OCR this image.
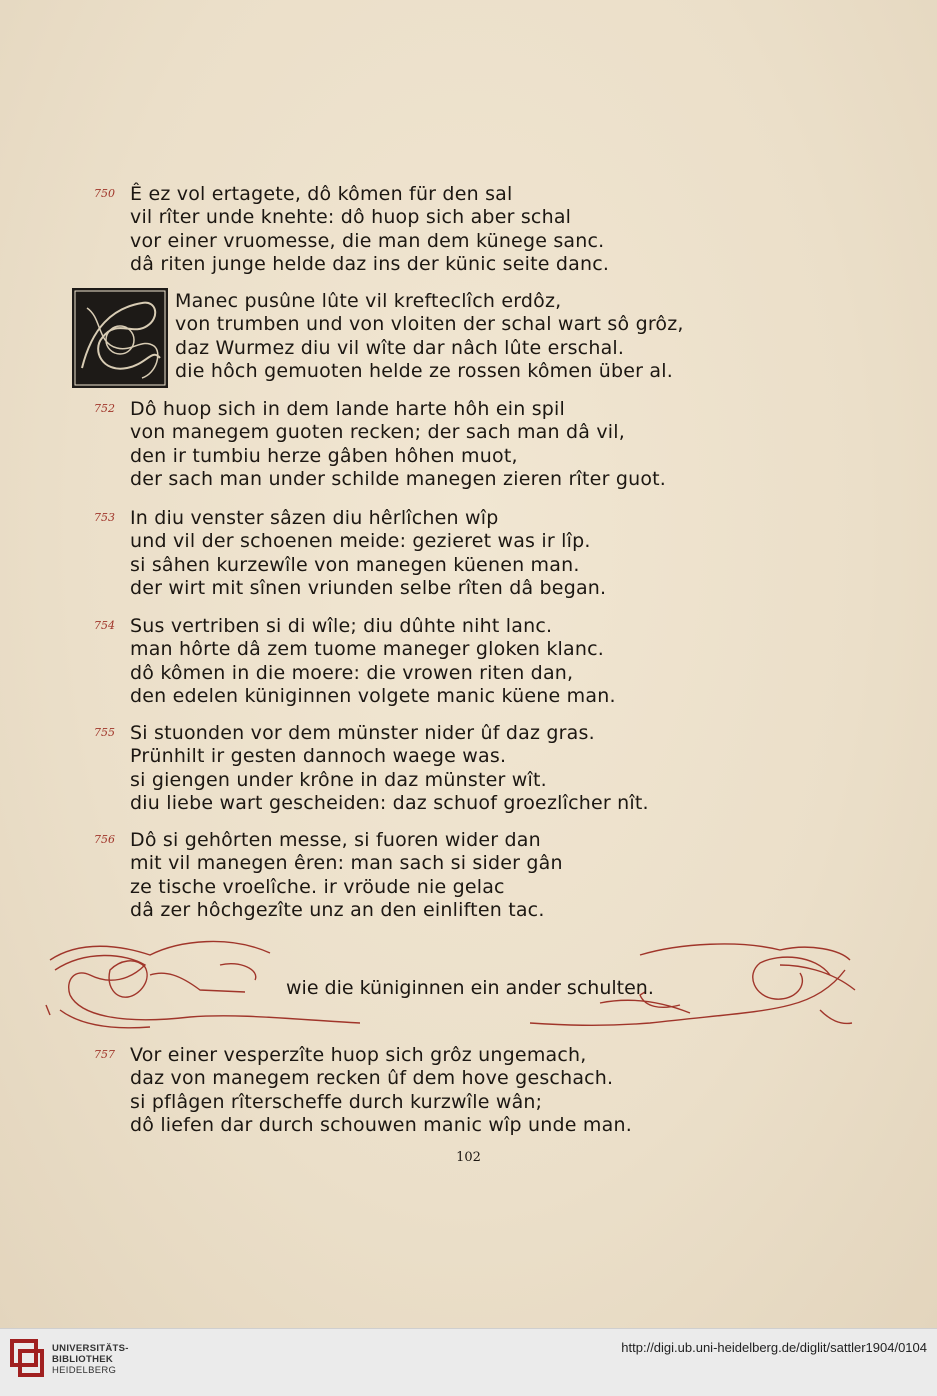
750 Ê ez vol ertagete, dô kômen für den sal
vil rîter unde knehte: dô huop sich aber schal
vor einer vruomesse, die man dem künege sanc.
dâ riten junge helde daz ins der künic seite danc.
Manec pusûne lûte vil krefteclîch erdôz,
von trumben und von vloiten der schal wart sô grôz,
daz Wurmez diu vil wîte dar nâch lûte erschal.
die hôch gemuoten helde ze rossen kômen über al.
752 Dô huop sich in dem lande harte hôh ein spil
von manegem guoten recken; der sach man dâ vil,
den ir tumbiu herze gâben hôhen muot,
der sach man under schilde manegen zieren rîter guot.
753 In diu venster sâzen diu hêrlîchen wîp
und vil der schoenen meide: gezieret was ir lîp.
si sâhen kurzewîle von manegen küenen man.
der wirt mit sînen vriunden selbe rîten dâ began.
754 Sus vertriben si di wîle; diu dûhte niht lanc.
man hôrte dâ zem tuome maneger gloken klanc.
dô kômen in die moere: die vrowen riten dan,
den edelen küniginnen volgete manic küene man.
755 Si stuonden vor dem münster nider ûf daz gras.
Prünhilt ir gesten dannoch waege was.
si giengen under krône in daz münster wît.
diu liebe wart gescheiden: daz schuof groezlîcher nît.
756 Dô si gehôrten messe, si fuoren wider dan
mit vil manegen êren: man sach si sider gân
ze tische vroelîche. ir vröude nie gelac
dâ zer hôchgezîte unz an den einliften tac.
wie die küniginnen ein ander schulten.
757 Vor einer vesperzîte huop sich grôz ungemach,
daz von manegem recken ûf dem hove geschach.
si pflâgen rîterscheffe durch kurzwîle wân;
dô liefen dar durch schouwen manic wîp unde man.
102
UNIVERSITÄTS-
BIBLIOTHEK
HEIDELBERG
http://digi.ub.uni-heidelberg.de/diglit/sattler1904/0104
